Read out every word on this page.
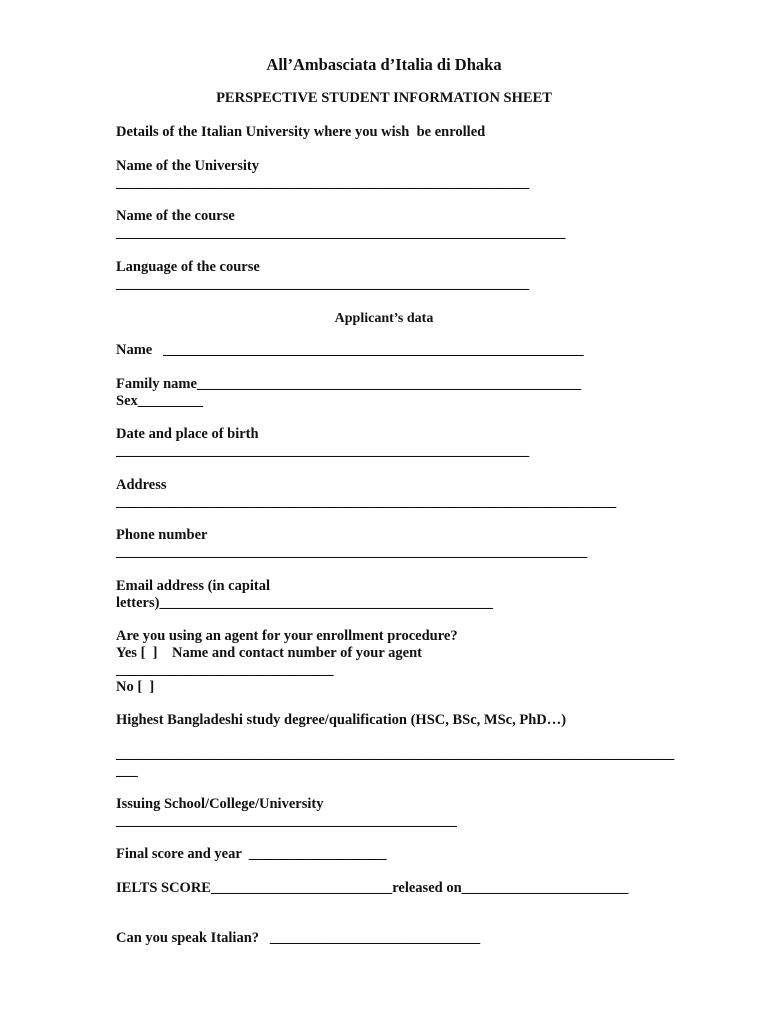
All’Ambasciata d’Italia di Dhaka
PERSPECTIVE STUDENT INFORMATION SHEET
Details of the Italian University where you wish  be enrolled
Name of the University
_________________________________________________________
Name of the course
______________________________________________________________
Language of the course
_________________________________________________________
Applicant’s data
Name   __________________________________________________________
Family name_____________________________________________________
Sex_________
Date and place of birth
_________________________________________________________
Address
_____________________________________________________________________
Phone number
_________________________________________________________________
Email address (in capital
letters)______________________________________________
Are you using an agent for your enrollment procedure?
Yes [  ]    Name and contact number of your agent
______________________________
No [  ]
Highest Bangladeshi study degree/qualification (HSC, BSc, MSc, PhD…)
_____________________________________________________________________________
___
Issuing School/College/University
_______________________________________________
Final score and year  ___________________
IELTS SCORE_________________________released on_______________________
Can you speak Italian?   _____________________________
